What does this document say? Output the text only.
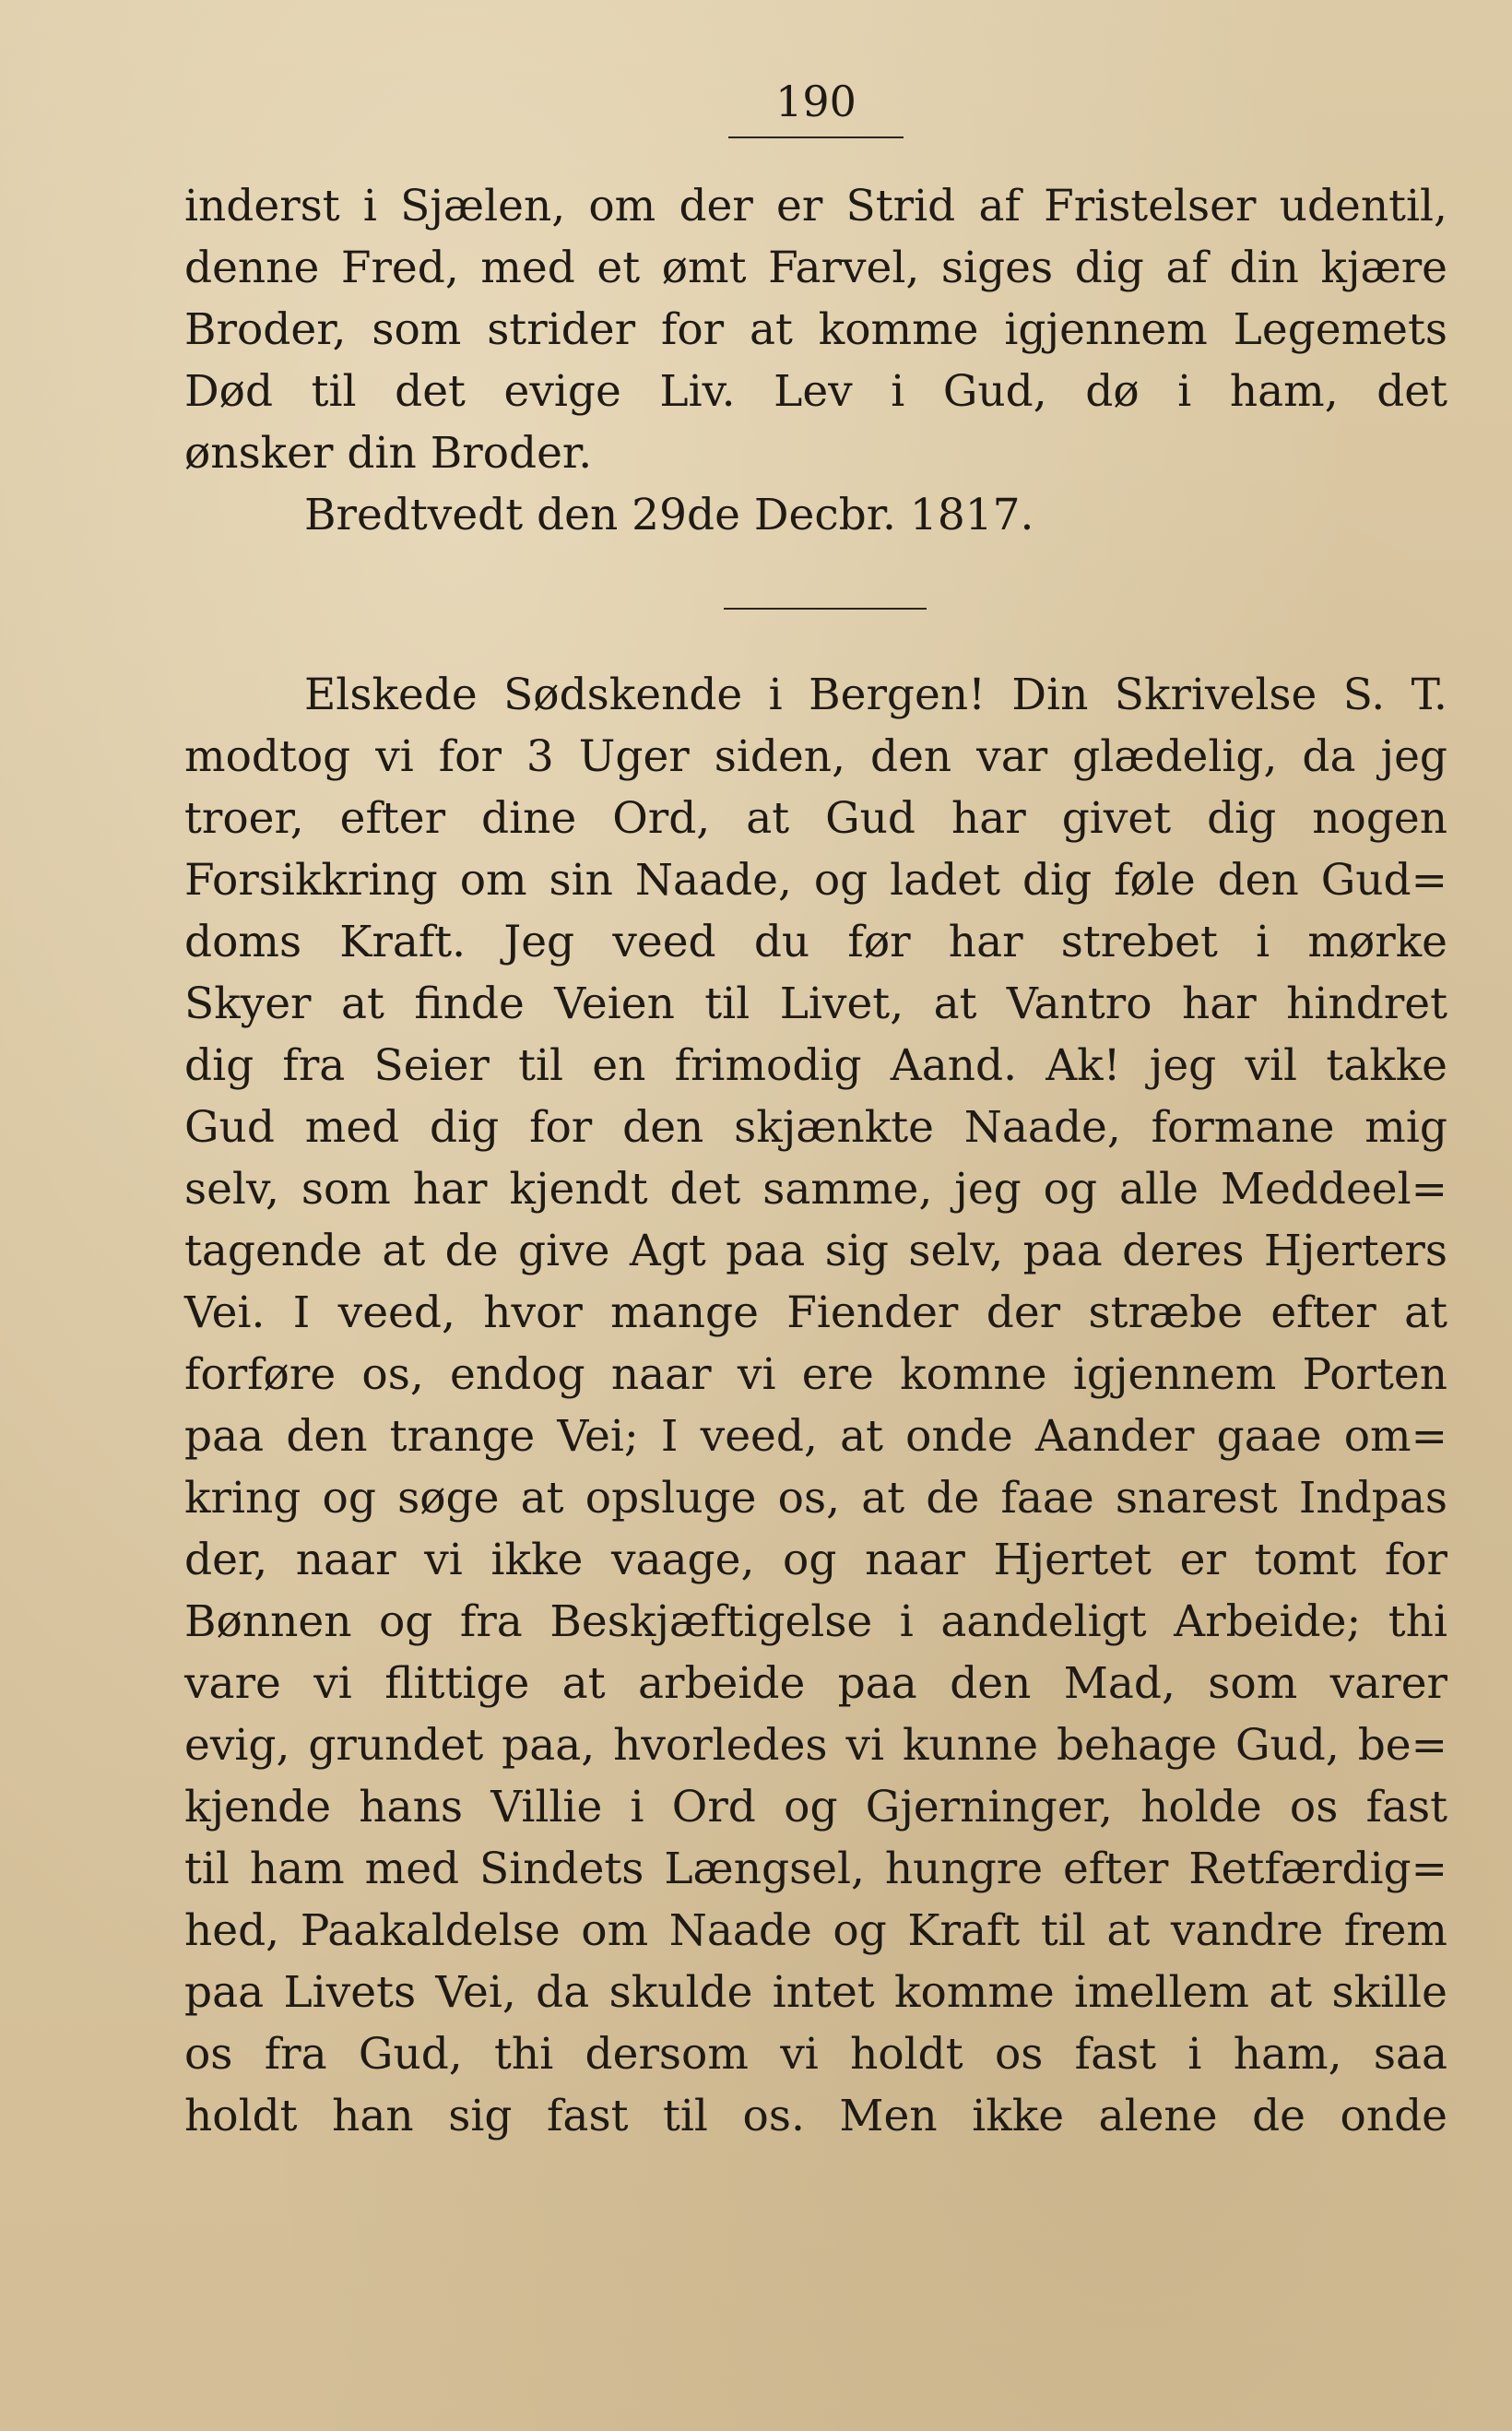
190
inderst i Sjælen, om der er Strid af Fristelser udentil,
denne Fred, med et ømt Farvel, siges dig af din kjære
Broder, som strider for at komme igjennem Legemets
Død til det evige Liv. Lev i Gud, dø i ham, det
ønsker din Broder.
Bredtvedt den 29de Decbr. 1817.
Elskede Sødskende i Bergen! Din Skrivelse S. T.
modtog vi for 3 Uger siden, den var glædelig, da jeg
troer, efter dine Ord, at Gud har givet dig nogen
Forsikkring om sin Naade, og ladet dig føle den Gud=
doms Kraft. Jeg veed du før har strebet i mørke
Skyer at finde Veien til Livet, at Vantro har hindret
dig fra Seier til en frimodig Aand. Ak! jeg vil takke
Gud med dig for den skjænkte Naade, formane mig
selv, som har kjendt det samme, jeg og alle Meddeel=
tagende at de give Agt paa sig selv, paa deres Hjerters
Vei. I veed, hvor mange Fiender der stræbe efter at
forføre os, endog naar vi ere komne igjennem Porten
paa den trange Vei; I veed, at onde Aander gaae om=
kring og søge at opsluge os, at de faae snarest Indpas
der, naar vi ikke vaage, og naar Hjertet er tomt for
Bønnen og fra Beskjæftigelse i aandeligt Arbeide; thi
vare vi flittige at arbeide paa den Mad, som varer
evig, grundet paa, hvorledes vi kunne behage Gud, be=
kjende hans Villie i Ord og Gjerninger, holde os fast
til ham med Sindets Længsel, hungre efter Retfærdig=
hed, Paakaldelse om Naade og Kraft til at vandre frem
paa Livets Vei, da skulde intet komme imellem at skille
os fra Gud, thi dersom vi holdt os fast i ham, saa
holdt han sig fast til os. Men ikke alene de onde
